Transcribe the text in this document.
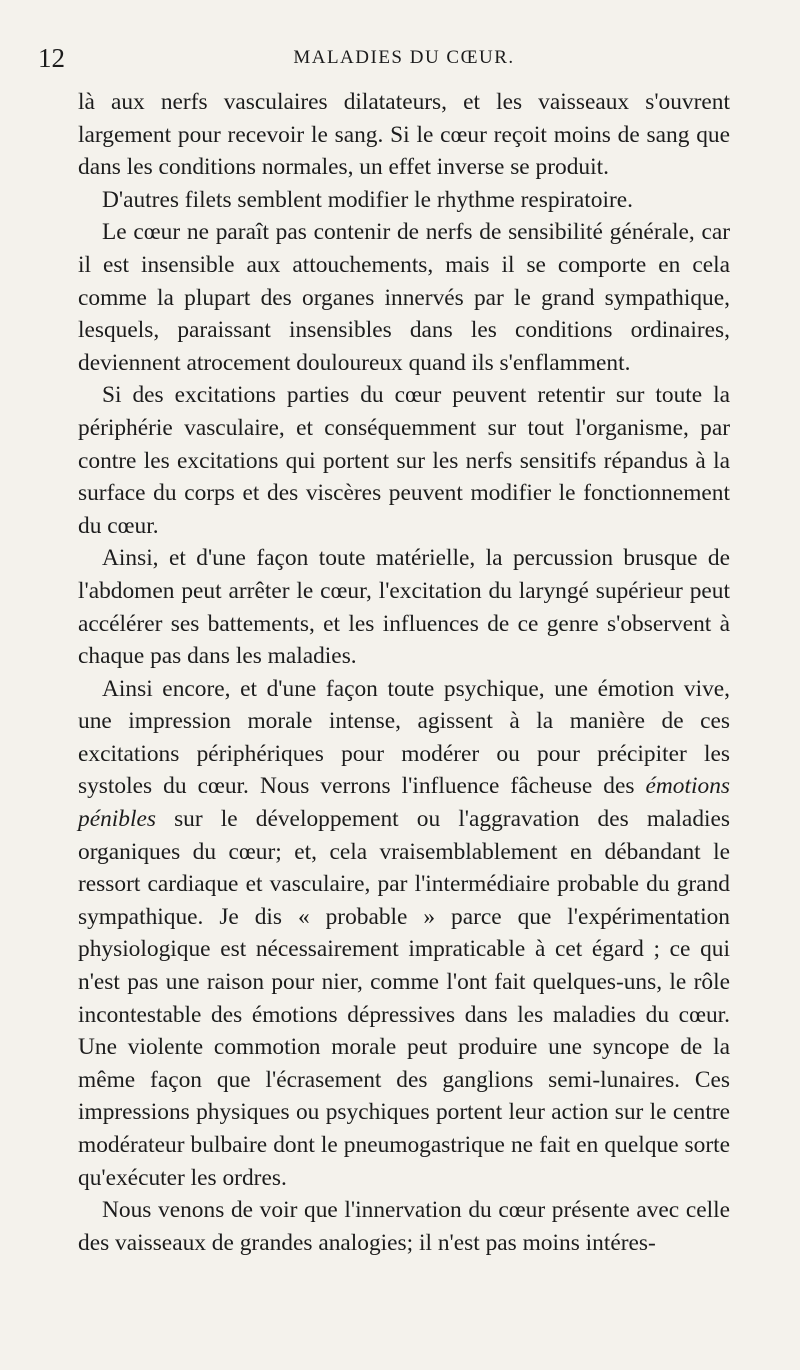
12	MALADIES DU CŒUR.

là aux nerfs vasculaires dilatateurs, et les vaisseaux s'ouvrent largement pour recevoir le sang. Si le cœur reçoit moins de sang que dans les conditions normales, un effet inverse se produit.

D'autres filets semblent modifier le rhythme respiratoire.

Le cœur ne paraît pas contenir de nerfs de sensibilité générale, car il est insensible aux attouchements, mais il se comporte en cela comme la plupart des organes innervés par le grand sympathique, lesquels, paraissant insensibles dans les conditions ordinaires, deviennent atrocement douloureux quand ils s'enflamment.

Si des excitations parties du cœur peuvent retentir sur toute la périphérie vasculaire, et conséquemment sur tout l'organisme, par contre les excitations qui portent sur les nerfs sensitifs répandus à la surface du corps et des viscères peuvent modifier le fonctionnement du cœur.

Ainsi, et d'une façon toute matérielle, la percussion brusque de l'abdomen peut arrêter le cœur, l'excitation du laryngé supérieur peut accélérer ses battements, et les influences de ce genre s'observent à chaque pas dans les maladies.

Ainsi encore, et d'une façon toute psychique, une émotion vive, une impression morale intense, agissent à la manière de ces excitations périphériques pour modérer ou pour précipiter les systoles du cœur. Nous verrons l'influence fâcheuse des émotions pénibles sur le développement ou l'aggravation des maladies organiques du cœur; et, cela vraisemblablement en débandant le ressort cardiaque et vasculaire, par l'intermédiaire probable du grand sympathique. Je dis « probable » parce que l'expérimentation physiologique est nécessairement impraticable à cet égard ; ce qui n'est pas une raison pour nier, comme l'ont fait quelques-uns, le rôle incontestable des émotions dépressives dans les maladies du cœur. Une violente commotion morale peut produire une syncope de la même façon que l'écrasement des ganglions semi-lunaires. Ces impressions physiques ou psychiques portent leur action sur le centre modérateur bulbaire dont le pneumogastrique ne fait en quelque sorte qu'exécuter les ordres.

Nous venons de voir que l'innervation du cœur présente avec celle des vaisseaux de grandes analogies; il n'est pas moins intéres-
